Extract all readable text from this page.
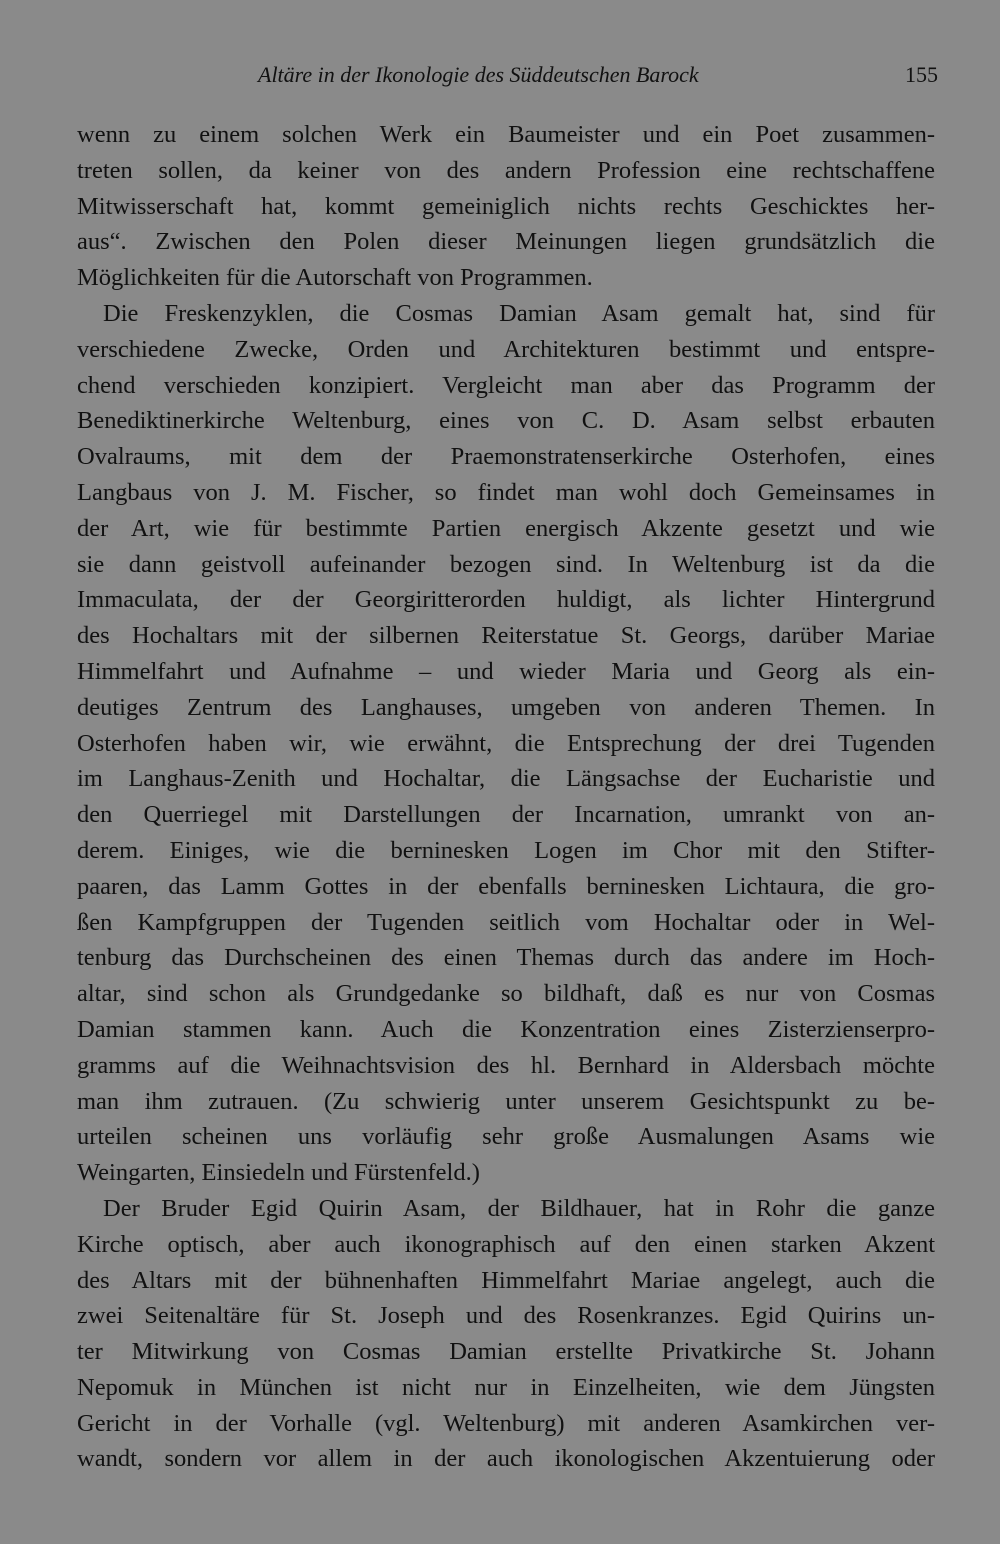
Altäre in der Ikonologie des Süddeutschen Barock	155
wenn zu einem solchen Werk ein Baumeister und ein Poet zusammen-
treten sollen, da keiner von des andern Profession eine rechtschaffene
Mitwisserschaft hat, kommt gemeiniglich nichts rechts Geschicktes her-
aus“. Zwischen den Polen dieser Meinungen liegen grundsätzlich die
Möglichkeiten für die Autorschaft von Programmen.
Die Freskenzyklen, die Cosmas Damian Asam gemalt hat, sind für
verschiedene Zwecke, Orden und Architekturen bestimmt und entspre-
chend verschieden konzipiert. Vergleicht man aber das Programm der
Benediktinerkirche Weltenburg, eines von C. D. Asam selbst erbauten
Ovalraums, mit dem der Praemonstratenserkirche Osterhofen, eines
Langbaus von J. M. Fischer, so findet man wohl doch Gemeinsames in
der Art, wie für bestimmte Partien energisch Akzente gesetzt und wie
sie dann geistvoll aufeinander bezogen sind. In Weltenburg ist da die
Immaculata, der der Georgiritterorden huldigt, als lichter Hintergrund
des Hochaltars mit der silbernen Reiterstatue St. Georgs, darüber Mariae
Himmelfahrt und Aufnahme – und wieder Maria und Georg als ein-
deutiges Zentrum des Langhauses, umgeben von anderen Themen. In
Osterhofen haben wir, wie erwähnt, die Entsprechung der drei Tugenden
im Langhaus-Zenith und Hochaltar, die Längsachse der Eucharistie und
den Querriegel mit Darstellungen der Incarnation, umrankt von an-
derem. Einiges, wie die berninesken Logen im Chor mit den Stifter-
paaren, das Lamm Gottes in der ebenfalls berninesken Lichtaura, die gro-
ßen Kampfgruppen der Tugenden seitlich vom Hochaltar oder in Wel-
tenburg das Durchscheinen des einen Themas durch das andere im Hoch-
altar, sind schon als Grundgedanke so bildhaft, daß es nur von Cosmas
Damian stammen kann. Auch die Konzentration eines Zisterzienserpro-
gramms auf die Weihnachtsvision des hl. Bernhard in Aldersbach möchte
man ihm zutrauen. (Zu schwierig unter unserem Gesichtspunkt zu be-
urteilen scheinen uns vorläufig sehr große Ausmalungen Asams wie
Weingarten, Einsiedeln und Fürstenfeld.)
Der Bruder Egid Quirin Asam, der Bildhauer, hat in Rohr die ganze
Kirche optisch, aber auch ikonographisch auf den einen starken Akzent
des Altars mit der bühnenhaften Himmelfahrt Mariae angelegt, auch die
zwei Seitenaltäre für St. Joseph und des Rosenkranzes. Egid Quirins un-
ter Mitwirkung von Cosmas Damian erstellte Privatkirche St. Johann
Nepomuk in München ist nicht nur in Einzelheiten, wie dem Jüngsten
Gericht in der Vorhalle (vgl. Weltenburg) mit anderen Asamkirchen ver-
wandt, sondern vor allem in der auch ikonologischen Akzentuierung oder
